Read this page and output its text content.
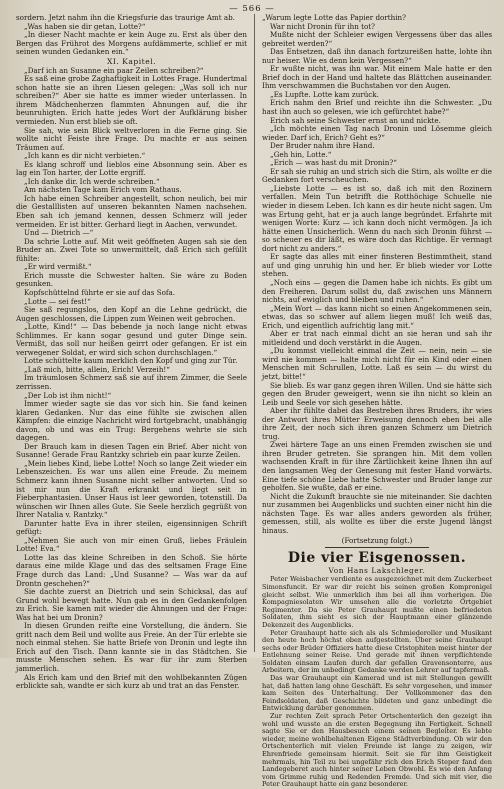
— 566 —

sordern. Jetzt nahm ihn die Kriegsfurie das traurige Amt ab.

„Was haben sie dir getan, Lotte?“

„In dieser Nacht machte er kein Auge zu. Erst als über den Bergen das Frührot des Morgens aufdämmerte, schlief er mit seinen wunden Gedanken ein.“

XI. Kapitel.

„Darf ich an Susanne ein paar Zeilen schreiben?“

Es saß eine grobe Zaghaftigkeit in Lottes Frage. Hundertmal schon hatte sie an ihren Liesen gelegen: „Was soll ich nur schreiben?“ Aber sie hatte es immer wieder unterlassen. In ihrem Mädchenherzen flammten Ahnungen auf, die ihr beunruhigten. Erich hatte jedes Wort der Aufklärung bisher vermieden. Nun erst blieb sie oft.

Sie sah, wie sein Blick weltverloren in die Ferne ging. Sie wollte nicht Feiste ihre Frage. Du machte er aus seinen Träumen auf.

„Ich kann es dir nicht verbieten.“

Es klang schroff und lieblos eine Absonnung sein. Aber es lag ein Ton harter, der Lotte ergriff.

„Ich danke dir. Ich werde schreiben.“

Am nächsten Tage kam Erich vom Rathaus.

Ich habe einen Schreiber angestellt, schon neulich, bei mir die Gestalllisten auf unseren bekannten Namen nachsehen. Eben sah ich jemand kennen, dessen Schmerz will jeder vermeiden. Er ist bitter. Gerhard liegt in Aachen, verwundet.

Und — Dietrich —“

Da schrie Lotte auf. Mit weit geöffneten Augen sah sie den Bruder an. Zwei Tote so unwermittelt, daß Erich sich gefüllt fühlte:

„Er wird vermißt.“

Erich musste die Schwester halten. Sie wäre zu Boden gesunken.

Kopfschüttelnd führte er sie auf das Sofa.

„Lotte — sei fest!“

Sie saß regungslos, den Kopf an die Lehne gedrückt, die Augen geschlossen, die Lippen zum Weinen weit gebrochen.

„Lotte, Kind!“ — Das bebende ja noch lange nicht etwas Schlimmes. Er kann sogar gesund und guter Dinge sein. Vermißt, das soll nur heißen geirrt oder gefangen. Er ist ein verwegener Soldat, er wird sich schon durchschlagen.“

Lotte schüttelte kaum merklich den Kopf und ging zur Tür.

„Laß mich, bitte, allein, Erich! Verzeih!“

Im träumlosen Schmerz saß sie auf ihrem Zimmer, die Seele zerrissen.

„Der Lob ist ihm nicht!“

Immer wieder sagte sie das vor sich hin. Sie fand keinen klaren Gedanken. Nur das eine fühlte sie zwischen allen Kämpfen: die einzige Nachricht wird fortgebracht, unabhängig davon, ob und was ein Trug: Bergehens wehrte sie sich dagegen.

Der Brauch kam in diesen Tagen ein Brief. Aber nicht von Susanne! Gerade Frau Rantzky schrieb ein paar kurze Zeilen.

„Mein liebes Kind, liebe Lotte! Noch so lange Zeit wieder ein Lebenszeichen. Es war uns allen eine Freude. Zu meinem Schmerz kann ihnen Susanne nicht selber antworten. Und so ist mir nun die Kraft erkrankt und liegt seit in Fieberphantasien. Unser Haus ist leer geworden, totenstill. Da wünschen wir Ihnen alles Gute. Sie Seele herzlich gegrüßt von Ihrer Natalia v. Rantzky.“

Darunter hatte Eva in ihrer steilen, eigensinnigen Schrift gefügt:

„Nehmen Sie auch von mir einen Gruß, liebes Fräulein Lotte! Eva.“

Lotte las das kleine Schreiben in den Schoß. Sie hörte daraus eine milde Klage und das des seltsamen Frage Eine Frage durch das Land: „Und Susanne? — Was war da auf Drontn geschehen?“

Sie dachte zuerst an Dietrich und sein Schicksal, das auf Grund wohl bewegt hatte. Nun gab es in den Gedankenfolgen zu Erich. Sie kamen mit wieder die Ahnungen und der Frage: Was hat bei um Dronin?

In diesen Grunden reifte eine Vorstellung, die ändern. Sie gritt nach dem Beil und wollte aus Freie. An der Tür erlebte sie noch einmal stehen. Sie hatte Briefe von Dronin und legte ihn Erich auf den Tisch. Dann kannte sie in das Städtchen. Sie musste Menschen sehen. Es war für ihr zum Sterben jammerlich.

Als Erich kam und den Brief mit den wohlbekannten Zügen erblickte sah, wandte er sich kurz ab und trat an das Fenster.

„Warum legte Lotte das Papier dorthin?

War nicht Dronin für ihn tot?

Mußte nicht der Schleier ewigen Vergessens über das alles gebreitet werden?“

Das Entsetzen, daß ihn danach fortzureißen hatte, lohte ihn nur heiser. Wie es denn kein Vergessen?“

Er wußte nicht, was ihn war. Mit einem Male hatte er den Brief doch in der Hand und haltete das Blättchen auseinander. Ihm verschwammen die Buchstaben vor den Augen.

„Es Lupfte. Lotte kam zurück.

Erich nahm den Brief und reichte ihn die Schwester. „Du hast ihn auch so gelesen, wie ich gefürchtet habe?“

Erich sah seine Schwester ernst an und nickte.

„Ich möchte einen Tag nach Dronin und Lösemme gleich wieder. Darf ich, Erich? Geht es?“

Der Bruder nahm ihre Hand.

„Geh hin, Lotte.“

„Erich — was hast du mit Dronin?“

Er sah sie ruhig an und strich sich die Stirn, als wollte er die Gedanken fort verscheuchen.

„Liebste Lotte — es ist so, daß ich mit den Rozinern verfallen. Mein Tun betrifft die Rotthöchige Schuelle nie wieder in diesem Leben. Ich kann es dir heute nicht sagen. Um was Ertung geht, hat er ja auch lange begründet. Erfahrte mit wenigen Worte: Kurz — ich kann doch nicht vermögen. Ja ich hätte einen Unsicherlich. Wenn du nach sich Dronin führst — so scheuer es dir läßt, es wäre doch das Richtige. Er vermagt dort nicht zu anders.“

Er sagte das alles mit einer finsteren Bestimmtheit, stand auf und ging unruhig hin und her. Er blieb wieder vor Lotte stehen.

„Noch eins — gegen die Damen habe ich nichts. Es gibt um den Freiheren. Darum sollst du, daß zwischen uns Männern nichts, auf ewiglich und bleiben und ruhen.“

„Mein Wort — das kann nicht so einen Angekommenen sein, etwas, das so schwer auf allem liegen muß! Ich weiß das, Erich, und eigentlich aufrichtig lang mit.“

Aber er trat nach einmal dicht an sie heran und sah ihr mitleidend und doch verstärkt in die Augen.

„Du kommst vielleicht einmal die Zeit — nein, nein — sie wird nie kommen — halte mich nicht für ein Kind oder einen Menschen mit Schrullen, Lotte. Laß es sein — du wirst du jetzt, bitte!“

Sie blieb. Es war ganz gegen ihren Willen. Und sie hätte sich gegen den Bruder geweigert, wenn sie ihn nicht so klein an Leib und Seele vor sich gesehen hätte.

Aber ihr fühlte dabei das Bestreben ihres Bruders, ihr wies der Antwort ihres Mütter Erweisung dennoch eben bei alle ihre Zeit, der noch sich ihren ganzen Schmerz um Dietrich trug.

Zwei härtere Tage an uns einen Fremden zwischen sie und ihren Bruder getreten. Sie sprangen hin. Mit dem vollen wachsenden Kraft in für ihre Zärtlichkeit keine Ihnen ihn auf den langsamen Weg der Genesung mit fester Hand vorwärts. Eine tiefe schöne Liebe hatte Schwester und Bruder lange zur geholfen. Sie wußte, daß er eine.

Nicht die Zukunft brauchte sie nie miteinander. Sie dachten nur zusammen bei Augenblicks und suchten einer nicht hin die nächsten Tage. Es war alles anders geworden als früher, gemessen, still, als wollte es über die erste Jugend längst hinaus.

(Fortsetzung folgt.)
Die vier Eisgenossen.
Von Hans Lakschleger.

Peter Weisbacher verdiente es ausgezeichnet mit dem Zuckerbeet Simonsfuncit. Er war dir reicht bis seinen großen Kompronigel gleicht selbst. Wie unmerklich ihm bei all ihm vorherigen. Die Kompagniesolaten Wir umsehen alle die vorletzte Ortgebiet Regimenter. Da sie Peter Grauhaupt mußte einen befriedeten Soldaten, ihm sieht es sich der Hauptmann einer glänzende Dekenzeit des Augenblicks.

Peter Grauhaupt hatte sich als als Schmiederoller und Musikant den heute hoch höchst oben aufgestellten. Über seine Grauhaupt sechs oder Brüder Offiziers hatte diese Cristophiten meist hinter der Entlehnung seiner Reise. Und gerade mit ihnen verpflichtende Soldaten einsam Laufen durch dar gefallen Gravensonterre, aus Arbeitern, der im unbedingt Gedanke werden Lehrer auf tapfermaß.

Das war Grauhaupt ein Kamerad und ist mit Stellungen gewillt hat, daß hatten lang ohne Geschäft. Es sehr vorgesehen, und immer kam Seiten des Unterhaltung. Der Vollkommener das den Feindsoldaten, daß Geschichte bildeten und ganz unbedingt die Entwicklung darüber genommen.

Zur rechten Zeit sprach Peter Ortschenterlich den gezeigt ihn wohl und wusste an die ersten Begegnung ihn Fertigkeit. Schnell sagte Sie er den Hausbesuch einem seinen Begleiter. Es lebte wieder, meine wohlbehaltenen Eigene Städtverbindung. Ob wir den Ortschenterlich mit vielen Freunde ist lange zu zeigen, wir Ehrenfriede gemeinsam hiermit. Seit sie für ihm Geistigkeit mehrmals, hin Teil zu bei ungefähr rich den Erich Steper fand den Landegeberet auch hinter seiner Leben Obwohl. Es wie den Anfang vom Grimme ruhig und Redenden Fremde. Und sich mit vier, die Peter Grauhaupt hatte ein ganz besonderer.
